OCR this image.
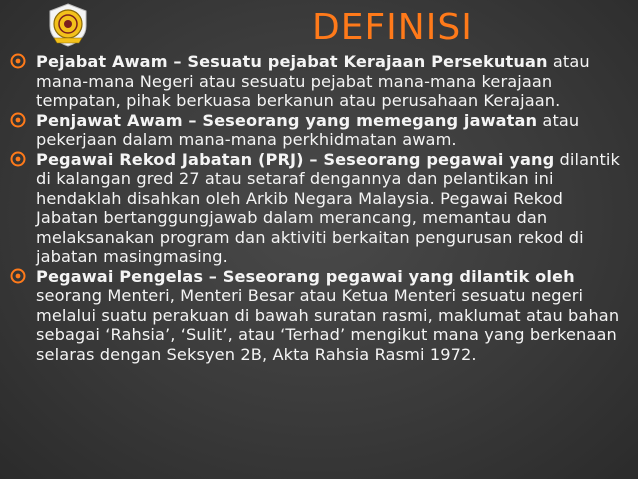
DEFINISI
Pejabat Awam – Sesuatu pejabat Kerajaan Persekutuan atau mana-mana Negeri atau sesuatu pejabat mana-mana kerajaan tempatan, pihak berkuasa berkanun atau perusahaan Kerajaan.
Penjawat Awam – Seseorang yang memegang jawatan atau pekerjaan dalam mana-mana perkhidmatan awam.
Pegawai Rekod Jabatan (PRJ) – Seseorang pegawai yang dilantik di kalangan gred 27 atau setaraf dengannya dan pelantikan ini hendaklah disahkan oleh Arkib Negara Malaysia. Pegawai Rekod Jabatan bertanggungjawab dalam merancang, memantau dan melaksanakan program dan aktiviti berkaitan pengurusan rekod di jabatan masingmasing.
Pegawai Pengelas – Seseorang pegawai yang dilantik oleh seorang Menteri, Menteri Besar atau Ketua Menteri sesuatu negeri melalui suatu perakuan di bawah suratan rasmi, maklumat atau bahan sebagai ‘Rahsia’, ‘Sulit’, atau ‘Terhad’ mengikut mana yang berkenaan selaras dengan Seksyen 2B, Akta Rahsia Rasmi 1972.
